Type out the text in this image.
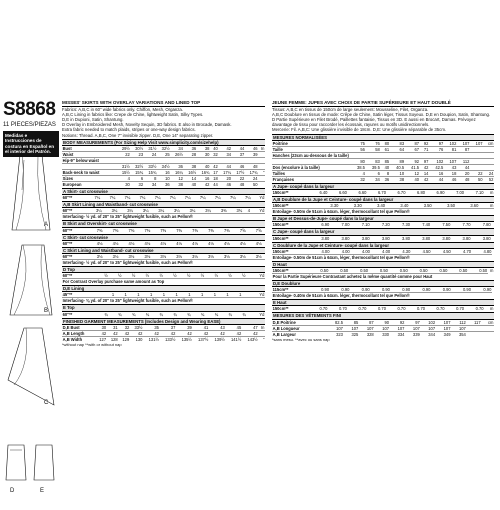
S8868
11 PIECES/PIEZAS
Medidas e Instrucciones de costura en Español en el interior del Patrón.
A
B
C
D	E
MISSES' SKIRTS WITH OVERLAY VARIATIONS AND LINED TOP

Fabrics: A,B,C in 60" wide fabrics only. Chiffon, Mesh, Organza.

A,B,C Lining in fabrics like: Crepe de Chine, lightweight Satin, Silky Types.

D,E in Dupioni, Satin, Shantung.

D Overlay in Embroidered Mesh, Novelty Sequin, 3D fabrics. E also in Brocade, Damask.

Extra fabric needed to match plaids, stripes or one-way design fabrics.

Notions: Thread. A,B,C, One 7" invisible zipper. D,E, One 14" separating zipper.

BODY MEASUREMENTS (For Sizing Help Visit www.simplicity.com/sizehelp)
Bust	29½	30½	31½	32½	34	36	38	40	42	44	46	In
Waist	22	23	24	25	26½	28	30	32	34	37	39	
Hip-9" below waist												
	31½	32½	33½	34½	36	38	40	42	44	46	48	
Back-neck to waist	15½	15¾	15¾	16	16¼	16½	16¾	17	17¼	17½	17¾	"
Sizes	4	6	8	10	12	14	16	18	20	22	24	
European	30	32	34	36	38	40	42	44	46	48	50	
A Skirt- cut crosswise
60"**	7¼	7¼	7¼	7¼	7¼	7¼	7¼	7¼	7¼	7¼	7¼	Yd
A,B Skirt Lining and Waistband- cut crosswise
60"**	3¼	3¼	3¼	3¼	3¼	3¼	3¼	3¼	3⅜	3¾	4	Yd
Interfacing- ½ yd. of 20" to 25" lightweight fusible, such as Pellon®
B Skirt and Overskirt- cut crosswise
60"**	7⅜	7⅜	7⅜	7⅜	7⅜	7⅜	7⅜	7⅜	7⅜	7⅝	7⅝	
C Skirt- cut crosswise
60"**	4⅛	4⅛	4⅛	4⅛	4⅛	4⅛	4⅛	4⅛	4⅛	4⅛	4⅛	
C Skirt Lining and Waistband- cut crosswise
60"**	3⅛	3⅛	3⅛	3⅛	3⅛	3⅛	3⅛	3⅛	3⅛	3⅛	3⅛	
Interfacing- ½ yd. of 20" to 25" lightweight fusible, such as Pellon®
D Top
60"**	½	½	½	½	½	½	½	½	½	½	½	Yd
For Contrast Overlay purchase same amount as Top
D,E Lining
45"**	1	1	1	1	1	1	1	1	1	1	1	Yd
Interfacing- ⅜ yd. of 20" to 25" lightweight fusible, such as Pellon®
E Top
60"**	¾	¾	¾	¾	¾	¾	¾	¾	¾	¾	¾	Yd
FINISHED GARMENT MEASUREMENTS (Includes Design and Wearing EASE)
D,E Bust	30	31	32	33½	35	37	39	41	43	45	47	In
A,B Length	42	42	42	42	42	42	42	42	42	42	42	
A,B Width	127	128	129	130	131½	133½	135½	137½	139½	141½	143½	"

*without nap **with or without nap

JEUNE FEMME: JUPES AVEC CHOIX DE PARTIE SUPÉRIEURE ET HAUT DOUBLÉ

Tissus: A,B,C en tissus de 150cm de large seulement: Mousseline, Filet, Organza.

A,B,C Doublure en tissus de mode: Crêpe de Chine, Satin léger, Tissus Soyeux. D,E en Doupion, Satin, Shantung. D Partie Supérieure en Filet Brodé, Paillettes fantaisie, Tissus en 3D. E aussi en Brocart, Damas. Prévoyez davantage de tissu pour raccorder les écossais, rayures ou motifs unidirectionnels.

Mercerie: Fil. A,B,C: Une glissière invisible de 18cm. D,E: Une glissière séparable de 35cm.

MESURES NORMALISÉES
Poitrine	75	76	80	83	87	92	97	102	107	107	cm
Taille	56	58	61	64	67	71	76	81	87		
Hanches (23cm au-dessous de la taille)											
	80	83	85	89	92	97	102	107	112		
Dos (encolure à la taille)	38.5	39.5	40	40.5	41.5	42	42.5	43	44		
Tailles	4	6	8	10	12	14	16	18	20	22	24
Françaises	32	34	36	38	40	42	44	46	48	50	52
A Jupe- coupé dans la largeur
150cm**	6.40	6.60	6.60	6.70	6.70	6.80	6.90	7.00	7.10	m
A,B Doublure de la Jupe et Ceinture- coupé dans la largeur
150cm**	3.30	3.30	3.40	3.40	3.50	3.50	3.60		m
Entoilage- 0.50m de 51cm à 64cm. léger, thermocollant tel que Pellon®
B Jupe et Dessus-de-Jupe- coupé dans la largeur
150cm**	6.90	7.00	7.10	7.20	7.30	7.40	7.50	7.70	7.80	
C Jupe- coupé dans la largeur
150cm**	3.80	3.80	3.80	3.80	3.80	3.80	3.80	3.80	3.80	
C Doublure de la Jupe et Ceinture- coupé dans la largeur
150cm**	4.00	4.00	4.00	4.00	4.30	4.50	4.50	4.70	4.80	
Entoilage- 0.50m de 51cm à 64cm, léger, thermocollant tel que Pellon®
D Haut
150cm**	0.50	0.50	0.50	0.50	0.50	0.50	0.50	0.50	0.50	m
Pour la Partie Supérieure Contrastant achetez la même quantité comme pour Haut
D,E Doublure
115cm**	0.90	0.90	0.90	0.90	0.90	0.90	0.90	0.90	0.90	
Entoilage- 0.40m de 51cm à 64cm. léger, thermocollant tel que Pellon®
E Haut
150cm**	0.70	0.70	0.70	0.70	0.70	0.70	0.70	0.70	0.70	m
MESURES DES VÊTEMENTS FINI
D,E Poitrine	82.5	85	87	90	92	97	102	107	112	117	cm
A,B Longueur	107	107	107	107	107	107	107	107	107		
A,B Largeur	323	325	328	330	334	339	344	349	354		

*sans mesu. **avec ou sans nap
